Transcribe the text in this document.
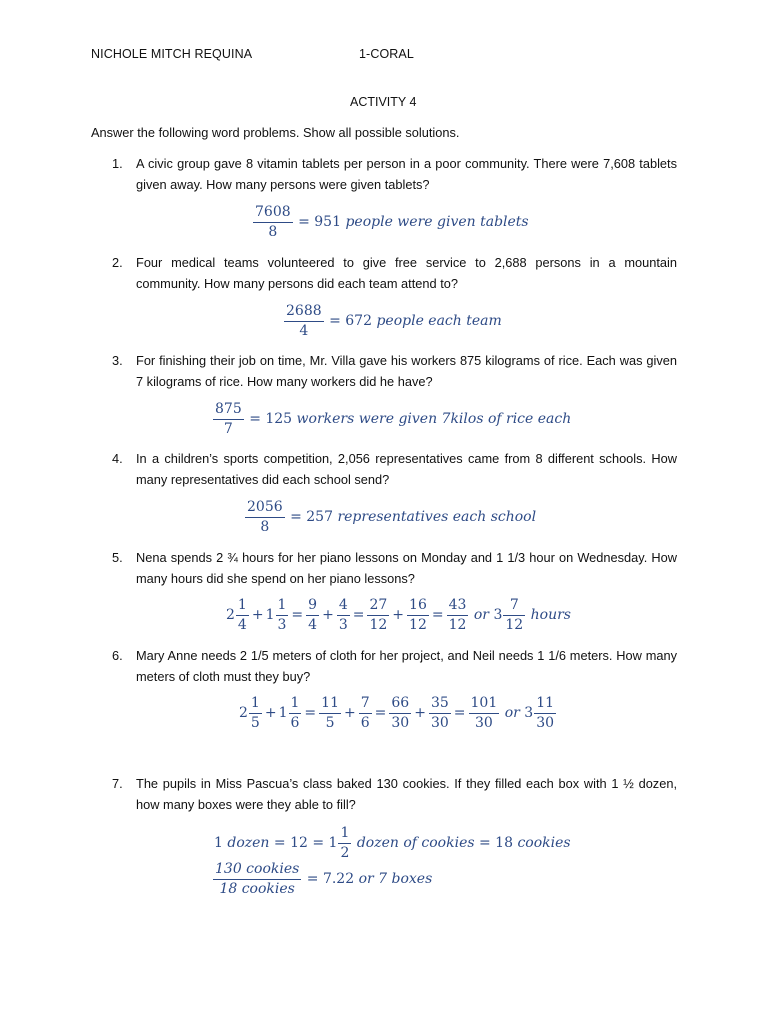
NICHOLE MITCH REQUINA	1-CORAL
ACTIVITY 4
Answer the following word problems. Show all possible solutions.
1. A civic group gave 8 vitamin tablets per person in a poor community. There were 7,608 tablets given away. How many persons were given tablets?
$\frac{7608}{8} = 951$ people were given tablets
2. Four medical teams volunteered to give free service to 2,688 persons in a mountain community. How many persons did each team attend to?
$\frac{2688}{4} = 672$ people each team
3. For finishing their job on time, Mr. Villa gave his workers 875 kilograms of rice. Each was given 7 kilograms of rice. How many workers did he have?
$\frac{875}{7} = 125$ workers were given 7kilos of rice each
4. In a children’s sports competition, 2,056 representatives came from 8 different schools. How many representatives did each school send?
$\frac{2056}{8} = 257$ representatives each school
5. Nena spends 2 ¾ hours for her piano lessons on Monday and 1 1/3 hour on Wednesday. How many hours did she spend on her piano lessons?
$2 \frac{1}{4} + 1 \frac{1}{3} = \frac{9}{4} + \frac{4}{3} = \frac{27}{12} + \frac{16}{12} = \frac{43}{12}$ or $3 \frac{7}{12}$ hours
6. Mary Anne needs 2 1/5 meters of cloth for her project, and Neil needs 1 1/6 meters. How many meters of cloth must they buy?
$2 \frac{1}{5} + 1 \frac{1}{6} = \frac{11}{5} + \frac{7}{6} = \frac{66}{30} + \frac{35}{30} = \frac{101}{30}$ or $3 \frac{11}{30}$
7. The pupils in Miss Pascua’s class baked 130 cookies. If they filled each box with 1 ½ dozen, how many boxes were they able to fill?
1 dozen = $12 = 1 \frac{1}{2}$ dozen of cookies = 18 cookies
$\frac{\text{130 cookies}}{\text{18 cookies}} = 7.22$ or 7 boxes
